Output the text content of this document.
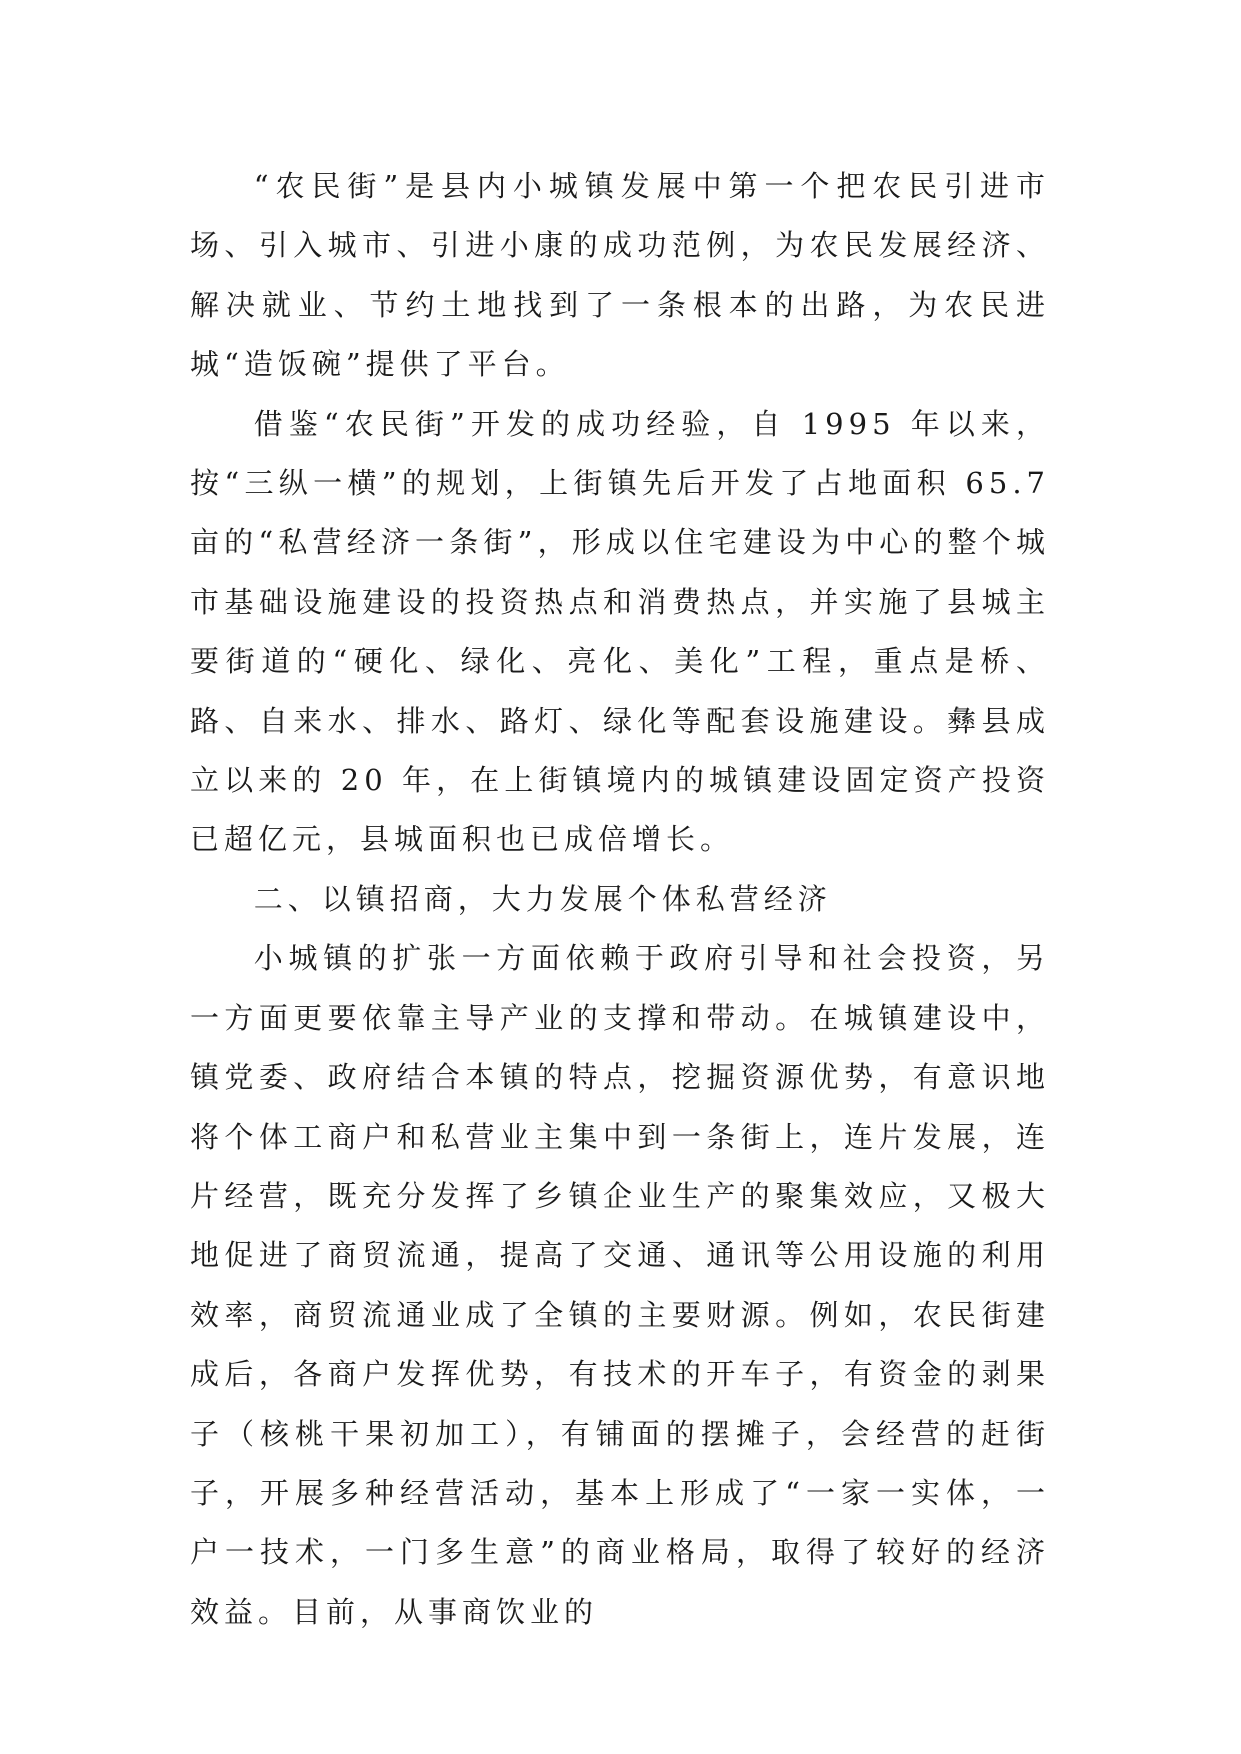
“农民街”是县内小城镇发展中第一个把农民引进市场、引入城市、引进小康的成功范例，为农民发展经济、解决就业、节约土地找到了一条根本的出路，为农民进城“造饭碗”提供了平台。

借鉴“农民街”开发的成功经验，自 1995 年以来，按“三纵一横”的规划，上街镇先后开发了占地面积 65.7 亩的“私营经济一条街”，形成以住宅建设为中心的整个城市基础设施建设的投资热点和消费热点，并实施了县城主要街道的“硬化、绿化、亮化、美化”工程，重点是桥、路、自来水、排水、路灯、绿化等配套设施建设。彝县成立以来的 20 年，在上街镇境内的城镇建设固定资产投资已超亿元，县城面积也已成倍增长。

二、以镇招商，大力发展个体私营经济

小城镇的扩张一方面依赖于政府引导和社会投资，另一方面更要依靠主导产业的支撑和带动。在城镇建设中，镇党委、政府结合本镇的特点，挖掘资源优势，有意识地将个体工商户和私营业主集中到一条街上，连片发展，连片经营，既充分发挥了乡镇企业生产的聚集效应，又极大地促进了商贸流通，提高了交通、通讯等公用设施的利用效率，商贸流通业成了全镇的主要财源。例如，农民街建成后，各商户发挥优势，有技术的开车子，有资金的剥果子（核桃干果初加工），有铺面的摆摊子，会经营的赶街子，开展多种经营活动，基本上形成了“一家一实体，一户一技术，一门多生意”的商业格局，取得了较好的经济效益。目前，从事商饮业的
